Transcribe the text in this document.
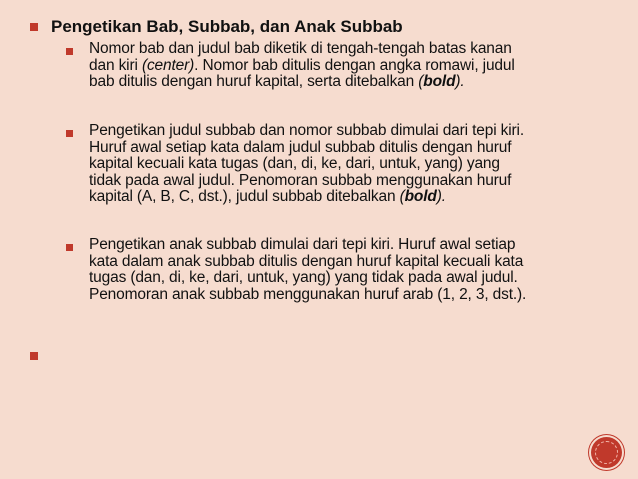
Pengetikan Bab, Subbab, dan Anak Subbab
Nomor bab dan judul bab diketik di tengah-tengah batas kanan
dan kiri (center). Nomor bab ditulis dengan angka romawi, judul
bab ditulis dengan huruf kapital, serta ditebalkan (bold).
Pengetikan judul subbab dan nomor subbab dimulai dari tepi kiri.
Huruf awal setiap kata dalam judul subbab ditulis dengan huruf
kapital kecuali kata tugas (dan, di, ke, dari, untuk, yang) yang
tidak pada awal judul. Penomoran subbab menggunakan huruf
kapital (A, B, C, dst.), judul subbab ditebalkan (bold).
Pengetikan anak subbab dimulai dari tepi kiri. Huruf awal setiap
kata dalam anak subbab ditulis dengan huruf kapital kecuali kata
tugas (dan, di, ke, dari, untuk, yang) yang tidak pada awal judul.
Penomoran anak subbab menggunakan huruf arab (1, 2, 3, dst.).
